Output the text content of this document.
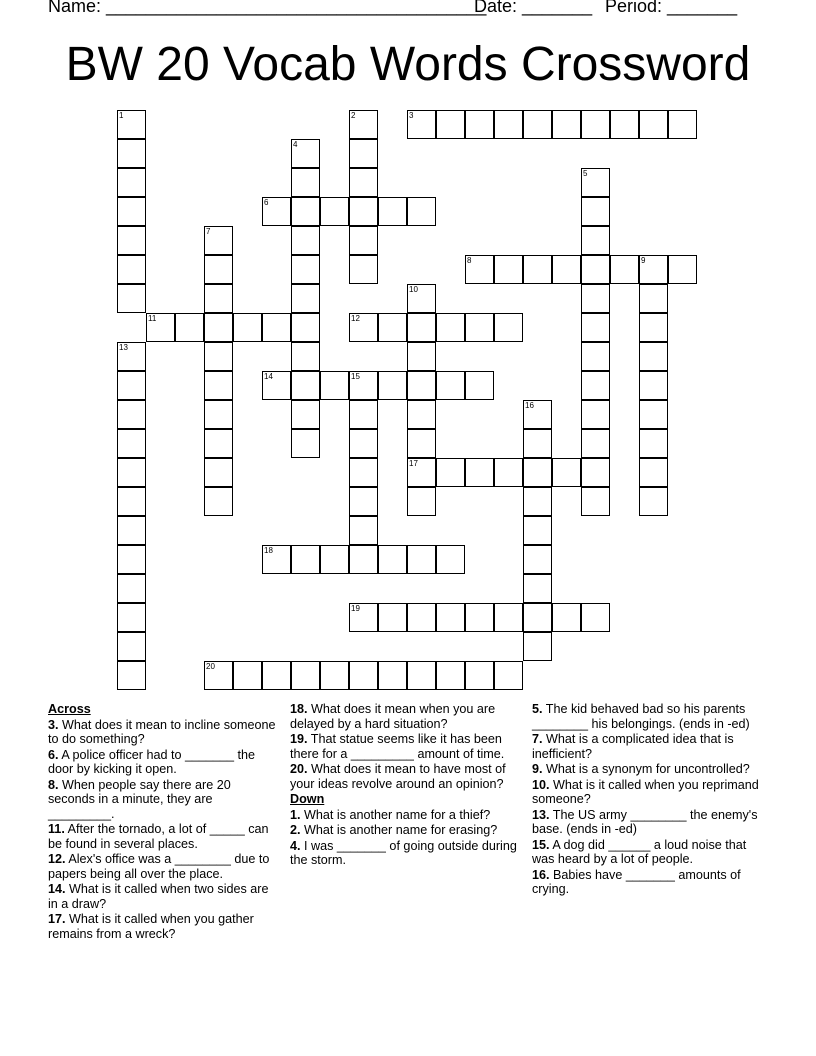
Name: ______________________________________

Date: _______

Period: _______

BW 20 Vocab Words Crossword
3
6
8
11	12
14
17
18
19
20
1	2
4
5
7
9
10
13
15
16
Across
3. What does it mean to incline someone to do something?
6. A police officer had to _______ the door by kicking it open.
8. When people say there are 20 seconds in a minute, they are _________.
11. After the tornado, a lot of _____ can be found in several places.
12. Alex's office was a ________ due to papers being all over the place.
14. What is it called when two sides are in a draw?
17. What is it called when you gather remains from a wreck?
18. What does it mean when you are delayed by a hard situation?
19. That statue seems like it has been there for a _________ amount of time.
20. What does it mean to have most of your ideas revolve around an opinion?
Down
1. What is another name for a thief?
2. What is another name for erasing?
4. I was _______ of going outside during the storm.
5. The kid behaved bad so his parents ________ his belongings. (ends in -ed)
7. What is a complicated idea that is inefficient?
9. What is a synonym for uncontrolled?
10. What is it called when you reprimand someone?
13. The US army ________ the enemy's base. (ends in -ed)
15. A dog did ______ a loud noise that was heard by a lot of people.
16. Babies have _______ amounts of crying.
